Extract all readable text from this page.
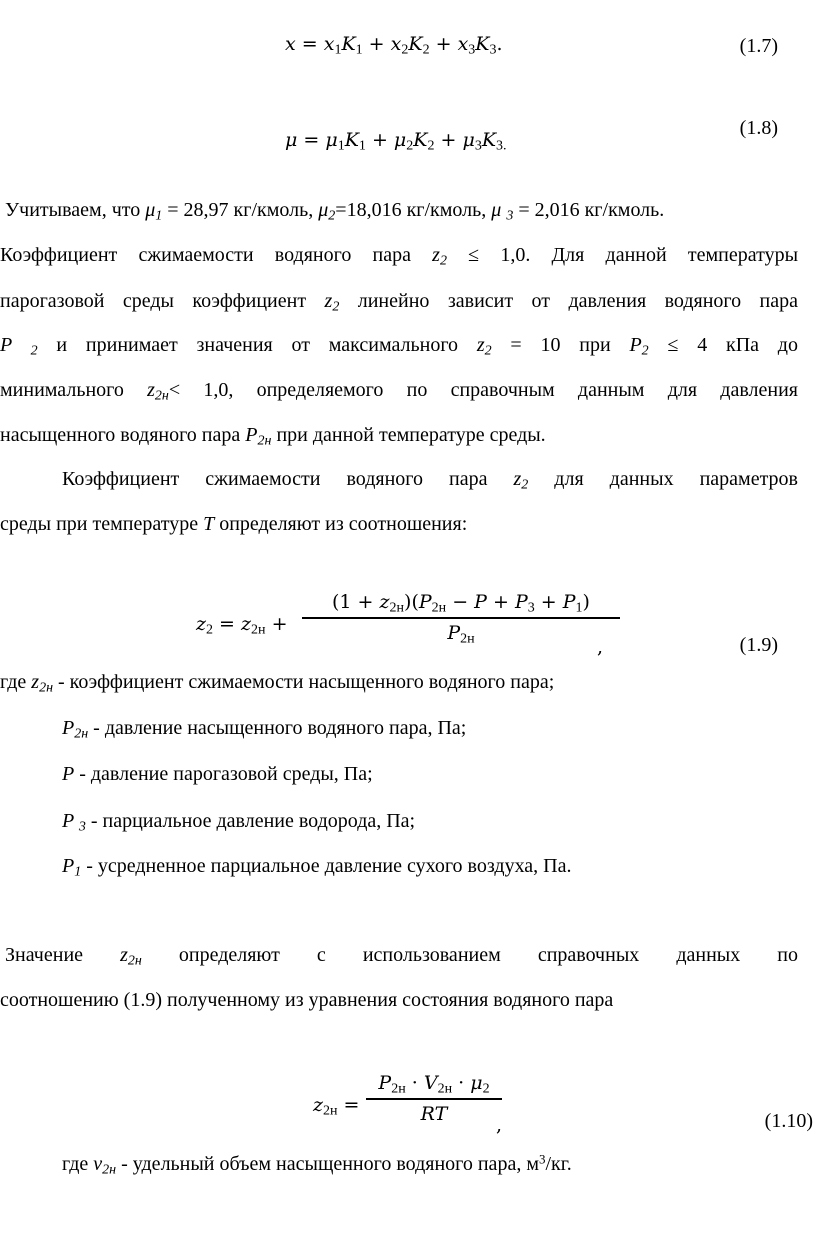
$x = x_1K_1 + x_2K_2 + x_3K_3$.	(1.7)
$\mu = \mu_1K_1 + \mu_2K_2 + \mu_3K_{3.}$
(1.8)
Учитываем, что $\mu_1 = 28,97$ кг/кмоль, $\mu_2=18,016$ кг/кмоль, μ $_3$ = 2,016 кг/кмоль.
Коэффициент сжимаемости водяного пара $z_2 \le 1,0$. Для данной температуры
парогазовой среды коэффициент $z_2$ линейно зависит от давления водяного пара
P $_2$ и принимает значения от максимального $z_2 = 10$ при $P_2 \le 4$ кПа до
минимального $z_{2н}< 1,0$, определяемого по справочным данным для давления
насыщенного водяного пара $P_{2н}$ при данной температуре среды.
Коэффициент сжимаемости водяного пара $z_2$ для данных параметров
среды при температуре T определяют из соотношения:
$z_2 = z_{2н}$ +
$(1 + z_{2н})(P_{2н} - P + P_3 + P_1)$
$P_{2н}$	,	(1.9)
где $z_{2н}$ - коэффициент сжимаемости насыщенного водяного пара;
$P_{2н}$ - давление насыщенного водяного пара, Па;
P - давление парогазовой среды, Па;
P $_3$ - парциальное давление водорода, Па;
$P_1$ - усредненное парциальное давление сухого воздуха, Па.
Значение $z_{2н}$ определяют с использованием справочных данных по
соотношению (1.9) полученному из уравнения состояния водяного пара
$z_{2н}$ =
$P_{2н} \cdot V_{2н} \cdot \mu_2$
RT
,	(1.10)
где $v_{2н}$ - удельный объем насыщенного водяного пара, $м^3/кг$.
